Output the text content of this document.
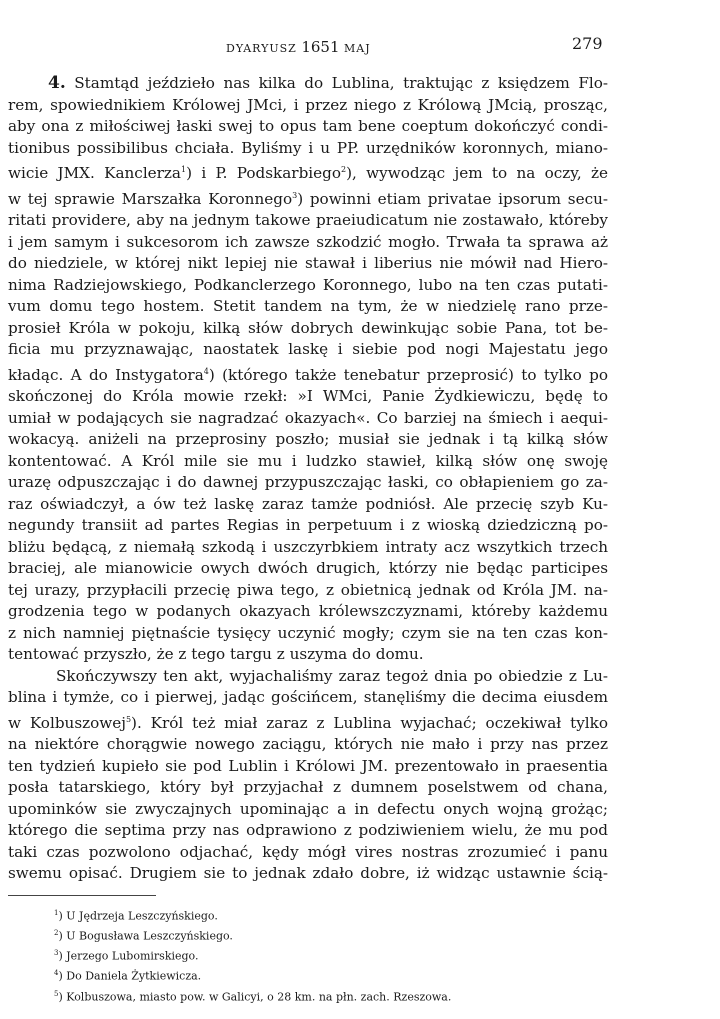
DYARYUSZ 1651 MAJ	279
4. Stamtąd jeździeło nas kilka do Lublina, traktując z księdzem Flo-
rem, spowiednikiem Królowej JMci, i przez niego z Królową JMcią, prosząc,
aby ona z miłościwej łaski swej to opus tam bene coeptum dokończyć condi-
tionibus possibilibus chciała. Byliśmy i u PP. urzędników koronnych, miano-
wicie JMX. Kanclerza$^1$) i P. Podskarbiego$^2$), wywodząc jem to na oczy, że
w tej sprawie Marszałka Koronnego$^3$) powinni etiam privatae ipsorum secu-
ritati providere, aby na jednym takowe praeiudicatum nie zostawało, któreby
i jem samym i sukcesorom ich zawsze szkodzić mogło. Trwała ta sprawa aż
do niedziele, w której nikt lepiej nie stawał i liberius nie mówił nad Hiero-
nima Radziejowskiego, Podkanclerzego Koronnego, lubo na ten czas putati-
vum domu tego hostem. Stetit tandem na tym, że w niedzielę rano prze-
prosieł Króla w pokoju, kilką słów dobrych dewinkując sobie Pana, tot be-
ficia mu przyznawając, naostatek laskę i siebie pod nogi Majestatu jego
kładąc. A do Instygatora$^4$) (którego także tenebatur przeprosić) to tylko po
skończonej do Króla mowie rzekł: »I WMci, Panie Żydkiewiczu, będę to
umiał w podających sie nagradzać okazyach«. Co barziej na śmiech i aequi-
wokacyą. aniżeli na przeprosiny poszło; musiał sie jednak i tą kilką słów
kontentować. A Król mile sie mu i ludzko stawieł, kilką słów onę swoję
urazę odpuszczając i do dawnej przypuszczając łaski, co obłapieniem go za-
raz oświadczył, a ów też laskę zaraz tamże podniósł. Ale przecię szyb Ku-
negundy transiit ad partes Regias in perpetuum i z wioską dziedziczną po-
bliżu będącą, z niemałą szkodą i uszczyrbkiem intraty acz wszytkich trzech
braciej, ale mianowicie owych dwóch drugich, którzy nie będąc participes
tej urazy, przypłacili przecię piwa tego, z obietnicą jednak od Króla JM. na-
grodzenia tego w podanych okazyach królewszczyznami, któreby każdemu
z nich namniej piętnaście tysięcy uczynić mogły; czym sie na ten czas kon-
tentować przyszło, że z tego targu z uszyma do domu.
Skończywszy ten akt, wyjachaliśmy zaraz tegoż dnia po obiedzie z Lu-
blina i tymże, co i pierwej, jadąc gościńcem, stanęliśmy die decima eiusdem
w Kolbuszowej$^5$). Król też miał zaraz z Lublina wyjachać; oczekiwał tylko
na niektóre chorągwie nowego zaciągu, których nie mało i przy nas przez
ten tydzień kupieło sie pod Lublin i Królowi JM. prezentowało in praesentia
posła tatarskiego, który był przyjachał z dumnem poselstwem od chana,
upominków sie zwyczajnych upominając a in defectu onych wojną grożąc;
którego die septima przy nas odprawiono z podziwieniem wielu, że mu pod
taki czas pozwolono odjachać, kędy mógł vires nostras zrozumieć i panu
swemu opisać. Drugiem sie to jednak zdało dobre, iż widząc ustawnie ścią-
$^1$) U Jędrzeja Leszczyńskiego.
$^2$) U Bogusława Leszczyńskiego.
$^3$) Jerzego Lubomirskiego.
$^4$) Do Daniela Żytkiewicza.
$^5$) Kolbuszowa, miasto pow. w Galicyi, o 28 km. na płn. zach. Rzeszowa.
